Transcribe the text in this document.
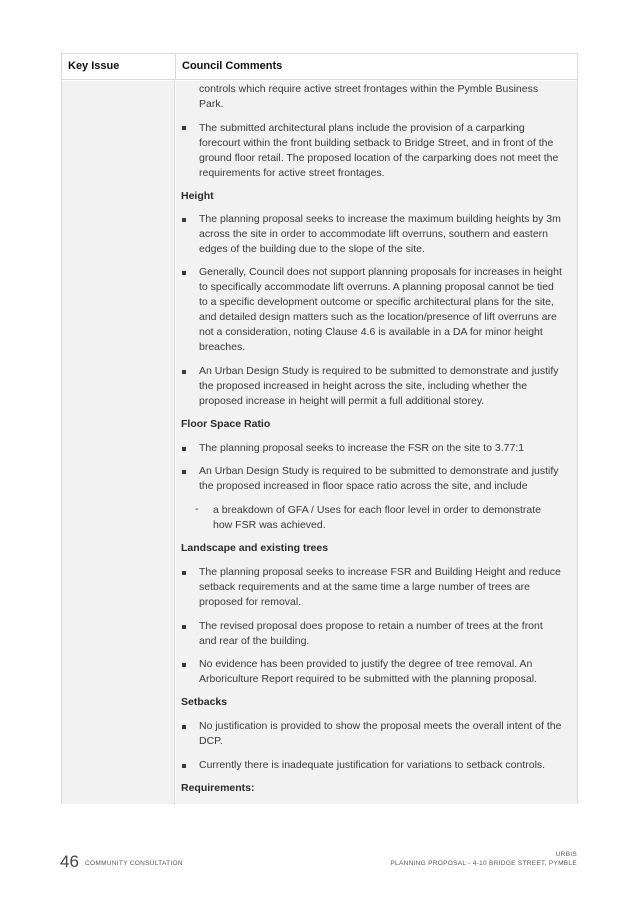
Key Issue	Council Comments
controls which require active street frontages within the Pymble Business
Park.
The submitted architectural plans include the provision of a carparking
forecourt within the front building setback to Bridge Street, and in front of the
ground floor retail. The proposed location of the carparking does not meet the
requirements for active street frontages.
Height
The planning proposal seeks to increase the maximum building heights by 3m
across the site in order to accommodate lift overruns, southern and eastern
edges of the building due to the slope of the site.
Generally, Council does not support planning proposals for increases in height
to specifically accommodate lift overruns. A planning proposal cannot be tied
to a specific development outcome or specific architectural plans for the site,
and detailed design matters such as the location/presence of lift overruns are
not a consideration, noting Clause 4.6 is available in a DA for minor height
breaches.
An Urban Design Study is required to be submitted to demonstrate and justify
the proposed increased in height across the site, including whether the
proposed increase in height will permit a full additional storey.
Floor Space Ratio
The planning proposal seeks to increase the FSR on the site to 3.77:1
An Urban Design Study is required to be submitted to demonstrate and justify
the proposed increased in floor space ratio across the site, and include
- a breakdown of GFA / Uses for each floor level in order to demonstrate
how FSR was achieved.
Landscape and existing trees
The planning proposal seeks to increase FSR and Building Height and reduce
setback requirements and at the same time a large number of trees are
proposed for removal.
The revised proposal does propose to retain a number of trees at the front
and rear of the building.
No evidence has been provided to justify the degree of tree removal. An
Arboriculture Report required to be submitted with the planning proposal.
Setbacks
No justification is provided to show the proposal meets the overall intent of the
DCP.
Currently there is inadequate justification for variations to setback controls.
Requirements:
46 COMMUNITY CONSULTATION
URBIS
PLANNING PROPOSAL - 4-10 BRIDGE STREET, PYMBLE
